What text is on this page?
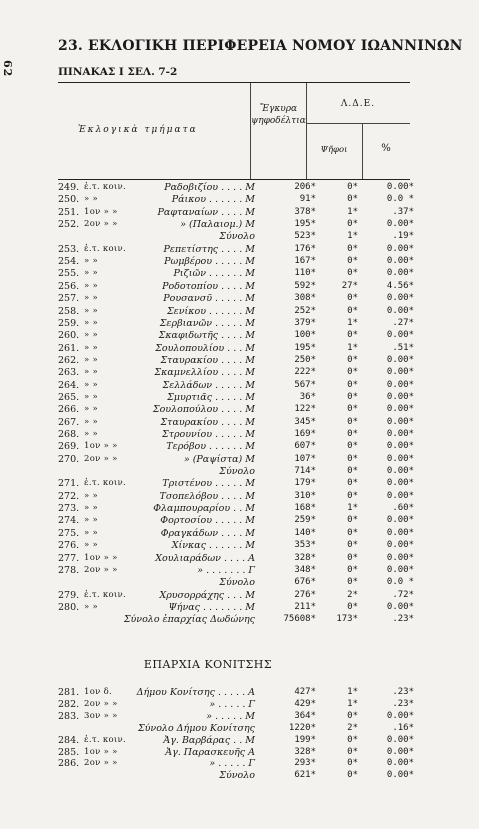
62
23. ΕΚΛΟΓΙΚΗ ΠΕΡΙΦΕΡΕΙΑ ΝΟΜΟΥ ΙΩΑΝΝΙΝΩΝ
ΠΙΝΑΚΑΣ Ι ΣΕΛ. 7-2
Ἐκλογικὰ τμήματα
Ἔγκυρα ψηφοδέλτια
Λ.Δ.Ε.
Ψῆφοι	%
249. ἐ.τ. κοιν.	Ραδοβιζίου . . . . M	206*	0*	0.00*
250. » »	Ράικου . . . . . . M	91*	0*	0.0 *
251. 1ον » »	Ραφταναίων . . . . M	378*	1*	.37*
252. 2ον » »	» (Παλαιομ.) M	195*	0*	0.00*
Σύνολο	523*	1*	.19*
253. ἐ.τ. κοιν.	Ρεπετίστης . . . . M	176*	0*	0.00*
254. » »	Ρωμβέρου . . . . . M	167*	0*	0.00*
255. » »	Ριζιῶν . . . . . . M	110*	0*	0.00*
256. » »	Ροδοτοπίου . . . . M	592*	27*	4.56*
257. » »	Ρουσανσῦ . . . . . M	308*	0*	0.00*
258. » »	Σενίκου . . . . . . M	252*	0*	0.00*
259. » »	Σερβιανῶν . . . . . M	379*	1*	.27*
260. » »	Σκαφιδωτῆς . . . . M	100*	0*	0.00*
261. » »	Σουλοπουλίου . . . M	195*	1*	.51*
262. » »	Σταυρακίου . . . . M	250*	0*	0.00*
263. » »	Σκαμνελλίου . . . . M	222*	0*	0.00*
264. » »	Σελλάδων . . . . . M	567*	0*	0.00*
265. » »	Σμυρτιᾶς . . . . . M	36*	0*	0.00*
266. » »	Σουλοπούλου . . . . M	122*	0*	0.00*
267. » »	Σταυρακίου . . . . M	345*	0*	0.00*
268. » »	Στρουνίου . . . . . M	169*	0*	0.00*
269. 1ον » »	Τερόβου . . . . . . M	607*	0*	0.00*
270. 2ον » »	» (Ραψίστα) M	107*	0*	0.00*
Σύνολο	714*	0*	0.00*
271. ἐ.τ. κοιν.	Τριστένου . . . . . M	179*	0*	0.00*
272. » »	Τσοπελόβου . . . . M	310*	0*	0.00*
273. » »	Φλαμπουραρίου . . M	168*	1*	.60*
274. » »	Φορτοσίου . . . . . M	259*	0*	0.00*
275. » »	Φραγκάδων . . . . M	140*	0*	0.00*
276. » »	Χίνκας . . . . . . M	353*	0*	0.00*
277. 1ον » »	Χουλιαράδων . . . . Α	328*	0*	0.00*
278. 2ον » »	» . . . . . . . Γ	348*	0*	0.00*
Σύνολο	676*	0*	0.0 *
279. ἐ.τ. κοιν.	Χρυσορράχης . . . M	276*	2*	.72*
280. » »	Ψήνας . . . . . . . M	211*	0*	0.00*
Σύνολο ἐπαρχίας Δωδώνης	75608*	173*	.23*
281. 1ον δ.	Δήμου Κονίτσης . . . . . Α	427*	1*	.23*
282. 2ον » »	» . . . . . Γ	429*	1*	.23*
283. 3ον » »	» . . . . . M	364*	0*	0.00*
Σύνολο Δήμου Κονίτσης	1220*	2*	.16*
284. ἐ.τ. κοιν.	Ἀγ. Βαρβάρας . . M	199*	0*	0.00*
285. 1ον » »	Ἀγ. Παρασκευῆς Α	328*	0*	0.00*
286. 2ον » »	» . . . . . Γ	293*	0*	0.00*
Σύνολο	621*	0*	0.00*
ΕΠΑΡΧΙΑ ΚΟΝΙΤΣΗΣ
